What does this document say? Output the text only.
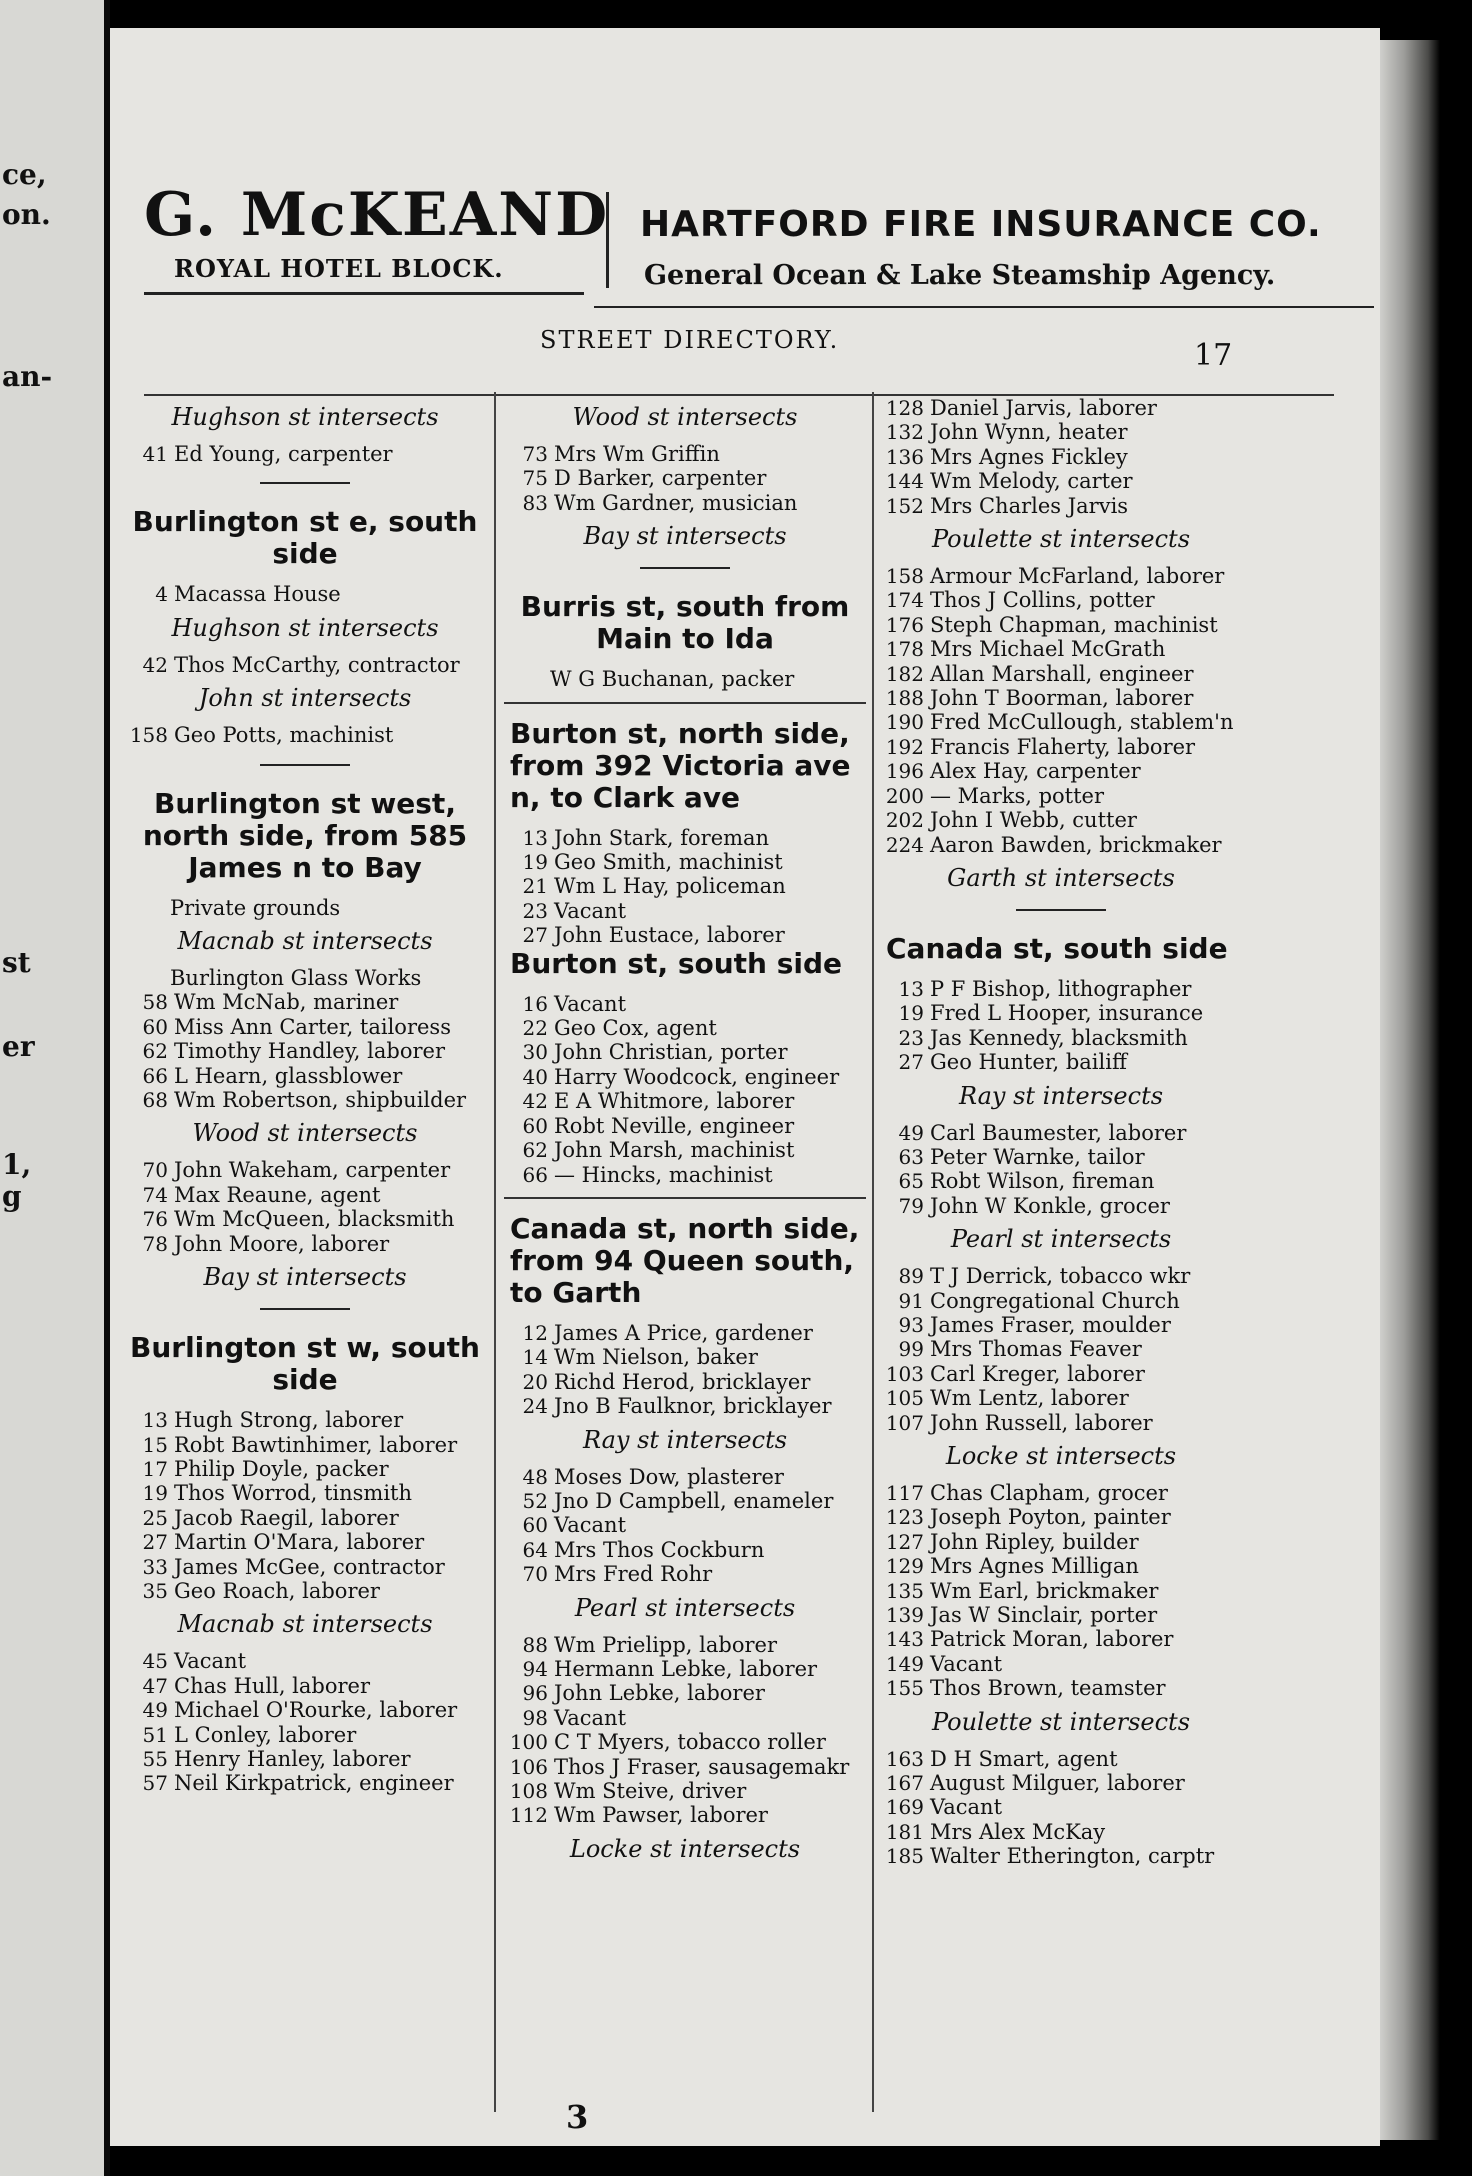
ce,
on.
an-
st
er
1,
g
G. McKEAND
ROYAL HOTEL BLOCK.
HARTFORD FIRE INSURANCE CO.
General Ocean & Lake Steamship Agency.
STREET DIRECTORY.	17
Hughson st intersects
41 Ed Young, carpenter
Burlington st e, south side
4 Macassa House
Hughson st intersects
42 Thos McCarthy, contractor
John st intersects
158 Geo Potts, machinist
Burlington st west, north side, from 585 James n to Bay
Private grounds
Macnab st intersects
Burlington Glass Works
58 Wm McNab, mariner
60 Miss Ann Carter, tailoress
62 Timothy Handley, laborer
66 L Hearn, glassblower
68 Wm Robertson, shipbuilder
Wood st intersects
70 John Wakeham, carpenter
74 Max Reaune, agent
76 Wm McQueen, blacksmith
78 John Moore, laborer
Bay st intersects
Burlington st w, south side
13 Hugh Strong, laborer
15 Robt Bawtinhimer, laborer
17 Philip Doyle, packer
19 Thos Worrod, tinsmith
25 Jacob Raegil, laborer
27 Martin O'Mara, laborer
33 James McGee, contractor
35 Geo Roach, laborer
Macnab st intersects
45 Vacant
47 Chas Hull, laborer
49 Michael O'Rourke, laborer
51 L Conley, laborer
55 Henry Hanley, laborer
57 Neil Kirkpatrick, engineer
Wood st intersects
73 Mrs Wm Griffin
75 D Barker, carpenter
83 Wm Gardner, musician
Bay st intersects
Burris st, south from Main to Ida
W G Buchanan, packer
Burton st, north side, from 392 Victoria ave n, to Clark ave
13 John Stark, foreman
19 Geo Smith, machinist
21 Wm L Hay, policeman
23 Vacant
27 John Eustace, laborer
Burton st, south side
16 Vacant
22 Geo Cox, agent
30 John Christian, porter
40 Harry Woodcock, engineer
42 E A Whitmore, laborer
60 Robt Neville, engineer
62 John Marsh, machinist
66 — Hincks, machinist
Canada st, north side, from 94 Queen south, to Garth
12 James A Price, gardener
14 Wm Nielson, baker
20 Richd Herod, bricklayer
24 Jno B Faulknor, bricklayer
Ray st intersects
48 Moses Dow, plasterer
52 Jno D Campbell, enameler
60 Vacant
64 Mrs Thos Cockburn
70 Mrs Fred Rohr
Pearl st intersects
88 Wm Prielipp, laborer
94 Hermann Lebke, laborer
96 John Lebke, laborer
98 Vacant
100 C T Myers, tobacco roller
106 Thos J Fraser, sausagemakr
108 Wm Steive, driver
112 Wm Pawser, laborer
Locke st intersects
128 Daniel Jarvis, laborer
132 John Wynn, heater
136 Mrs Agnes Fickley
144 Wm Melody, carter
152 Mrs Charles Jarvis
Poulette st intersects
158 Armour McFarland, laborer
174 Thos J Collins, potter
176 Steph Chapman, machinist
178 Mrs Michael McGrath
182 Allan Marshall, engineer
188 John T Boorman, laborer
190 Fred McCullough, stablem'n
192 Francis Flaherty, laborer
196 Alex Hay, carpenter
200 — Marks, potter
202 John I Webb, cutter
224 Aaron Bawden, brickmaker
Garth st intersects
Canada st, south side
13 P F Bishop, lithographer
19 Fred L Hooper, insurance
23 Jas Kennedy, blacksmith
27 Geo Hunter, bailiff
Ray st intersects
49 Carl Baumester, laborer
63 Peter Warnke, tailor
65 Robt Wilson, fireman
79 John W Konkle, grocer
Pearl st intersects
89 T J Derrick, tobacco wkr
91 Congregational Church
93 James Fraser, moulder
99 Mrs Thomas Feaver
103 Carl Kreger, laborer
105 Wm Lentz, laborer
107 John Russell, laborer
Locke st intersects
117 Chas Clapham, grocer
123 Joseph Poyton, painter
127 John Ripley, builder
129 Mrs Agnes Milligan
135 Wm Earl, brickmaker
139 Jas W Sinclair, porter
143 Patrick Moran, laborer
149 Vacant
155 Thos Brown, teamster
Poulette st intersects
163 D H Smart, agent
167 August Milguer, laborer
169 Vacant
181 Mrs Alex McKay
185 Walter Etherington, carptr
3
